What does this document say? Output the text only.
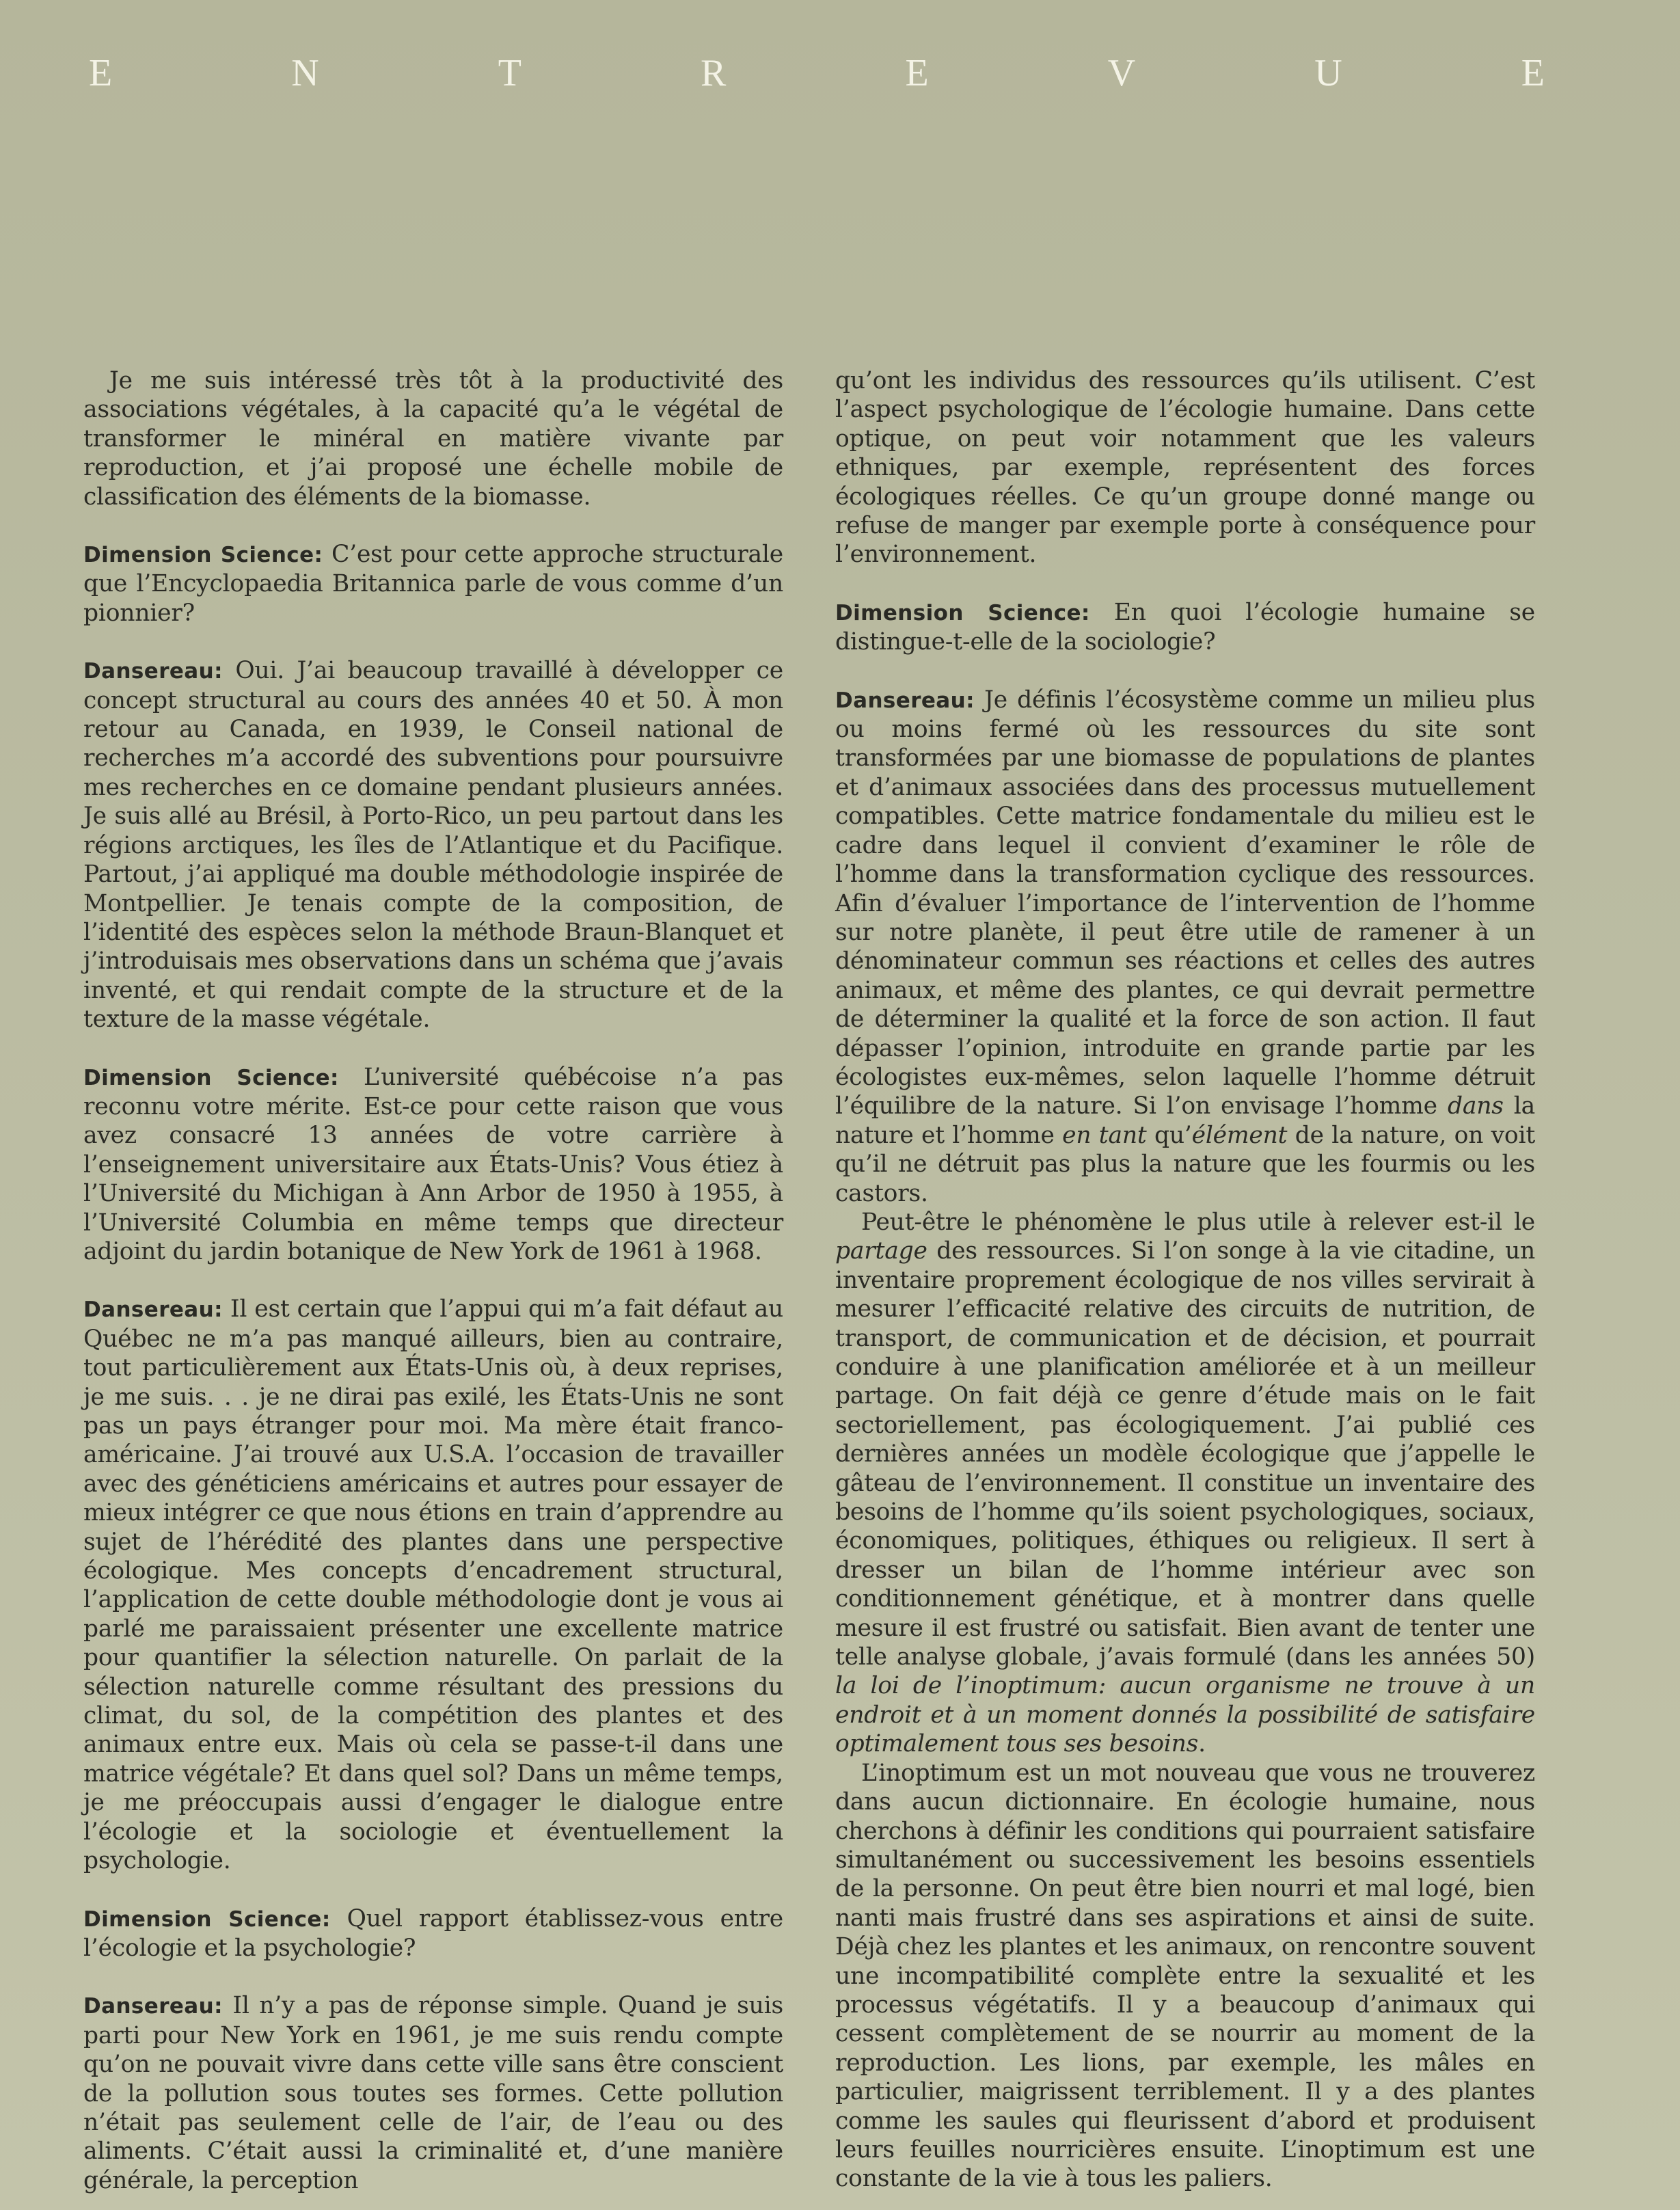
E	N	T	R	E	V	U	E

Je me suis intéressé très tôt à la productivité des associations végétales, à la capacité qu’a le végétal de transformer le minéral en matière vivante par reproduction, et j’ai proposé une échelle mobile de classification des éléments de la biomasse.

Dimension Science: C’est pour cette approche structurale que l’Encyclopaedia Britannica parle de vous comme d’un pionnier?

Dansereau: Oui. J’ai beaucoup travaillé à développer ce concept structural au cours des années 40 et 50. À mon retour au Canada, en 1939, le Conseil national de recherches m’a accordé des subventions pour poursuivre mes recherches en ce domaine pendant plusieurs années. Je suis allé au Brésil, à Porto-Rico, un peu partout dans les régions arctiques, les îles de l’Atlantique et du Pacifique. Partout, j’ai appliqué ma double méthodologie inspirée de Montpellier. Je tenais compte de la composition, de l’identité des espèces selon la méthode Braun-Blanquet et j’introduisais mes observations dans un schéma que j’avais inventé, et qui rendait compte de la structure et de la texture de la masse végétale.

Dimension Science: L’université québécoise n’a pas reconnu votre mérite. Est-ce pour cette raison que vous avez consacré 13 années de votre carrière à l’enseignement universitaire aux États-Unis? Vous étiez à l’Université du Michigan à Ann Arbor de 1950 à 1955, à l’Université Columbia en même temps que directeur adjoint du jardin botanique de New York de 1961 à 1968.

Dansereau: Il est certain que l’appui qui m’a fait défaut au Québec ne m’a pas manqué ailleurs, bien au contraire, tout particulièrement aux États-Unis où, à deux reprises, je me suis. . . je ne dirai pas exilé, les États-Unis ne sont pas un pays étranger pour moi. Ma mère était franco-américaine. J’ai trouvé aux U.S.A. l’occasion de travailler avec des généticiens américains et autres pour essayer de mieux intégrer ce que nous étions en train d’apprendre au sujet de l’hérédité des plantes dans une perspective écologique. Mes concepts d’encadrement structural, l’application de cette double méthodologie dont je vous ai parlé me paraissaient présenter une excellente matrice pour quantifier la sélection naturelle. On parlait de la sélection naturelle comme résultant des pressions du climat, du sol, de la compétition des plantes et des animaux entre eux. Mais où cela se passe-t-il dans une matrice végétale? Et dans quel sol? Dans un même temps, je me préoccupais aussi d’engager le dialogue entre l’écologie et la sociologie et éventuellement la psychologie.

Dimension Science: Quel rapport établissez-vous entre l’écologie et la psychologie?

Dansereau: Il n’y a pas de réponse simple. Quand je suis parti pour New York en 1961, je me suis rendu compte qu’on ne pouvait vivre dans cette ville sans être conscient de la pollution sous toutes ses formes. Cette pollution n’était pas seulement celle de l’air, de l’eau ou des aliments. C’était aussi la criminalité et, d’une manière générale, la perception

qu’ont les individus des ressources qu’ils utilisent. C’est l’aspect psychologique de l’écologie humaine. Dans cette optique, on peut voir notamment que les valeurs ethniques, par exemple, représentent des forces écologiques réelles. Ce qu’un groupe donné mange ou refuse de manger par exemple porte à conséquence pour l’environnement.

Dimension Science: En quoi l’écologie humaine se distingue-t-elle de la sociologie?

Dansereau: Je définis l’écosystème comme un milieu plus ou moins fermé où les ressources du site sont transformées par une biomasse de populations de plantes et d’animaux associées dans des processus mutuellement compatibles. Cette matrice fondamentale du milieu est le cadre dans lequel il convient d’examiner le rôle de l’homme dans la transformation cyclique des ressources. Afin d’évaluer l’importance de l’intervention de l’homme sur notre planète, il peut être utile de ramener à un dénominateur commun ses réactions et celles des autres animaux, et même des plantes, ce qui devrait permettre de déterminer la qualité et la force de son action. Il faut dépasser l’opinion, introduite en grande partie par les écologistes eux-mêmes, selon laquelle l’homme détruit l’équilibre de la nature. Si l’on envisage l’homme dans la nature et l’homme en tant qu’élément de la nature, on voit qu’il ne détruit pas plus la nature que les fourmis ou les castors.

Peut-être le phénomène le plus utile à relever est-il le partage des ressources. Si l’on songe à la vie citadine, un inventaire proprement écologique de nos villes servirait à mesurer l’efficacité relative des circuits de nutrition, de transport, de communication et de décision, et pourrait conduire à une planification améliorée et à un meilleur partage. On fait déjà ce genre d’étude mais on le fait sectoriellement, pas écologiquement. J’ai publié ces dernières années un modèle écologique que j’appelle le gâteau de l’environnement. Il constitue un inventaire des besoins de l’homme qu’ils soient psychologiques, sociaux, économiques, politiques, éthiques ou religieux. Il sert à dresser un bilan de l’homme intérieur avec son conditionnement génétique, et à montrer dans quelle mesure il est frustré ou satisfait. Bien avant de tenter une telle analyse globale, j’avais formulé (dans les années 50) la loi de l’inoptimum: aucun organisme ne trouve à un endroit et à un moment donnés la possibilité de satisfaire optimalement tous ses besoins.

L’inoptimum est un mot nouveau que vous ne trouverez dans aucun dictionnaire. En écologie humaine, nous cherchons à définir les conditions qui pourraient satisfaire simultanément ou successivement les besoins essentiels de la personne. On peut être bien nourri et mal logé, bien nanti mais frustré dans ses aspirations et ainsi de suite. Déjà chez les plantes et les animaux, on rencontre souvent une incompatibilité complète entre la sexualité et les processus végétatifs. Il y a beaucoup d’animaux qui cessent complètement de se nourrir au moment de la reproduction. Les lions, par exemple, les mâles en particulier, maigrissent terriblement. Il y a des plantes comme les saules qui fleurissent d’abord et produisent leurs feuilles nourricières ensuite. L’inoptimum est une constante de la vie à tous les paliers.
